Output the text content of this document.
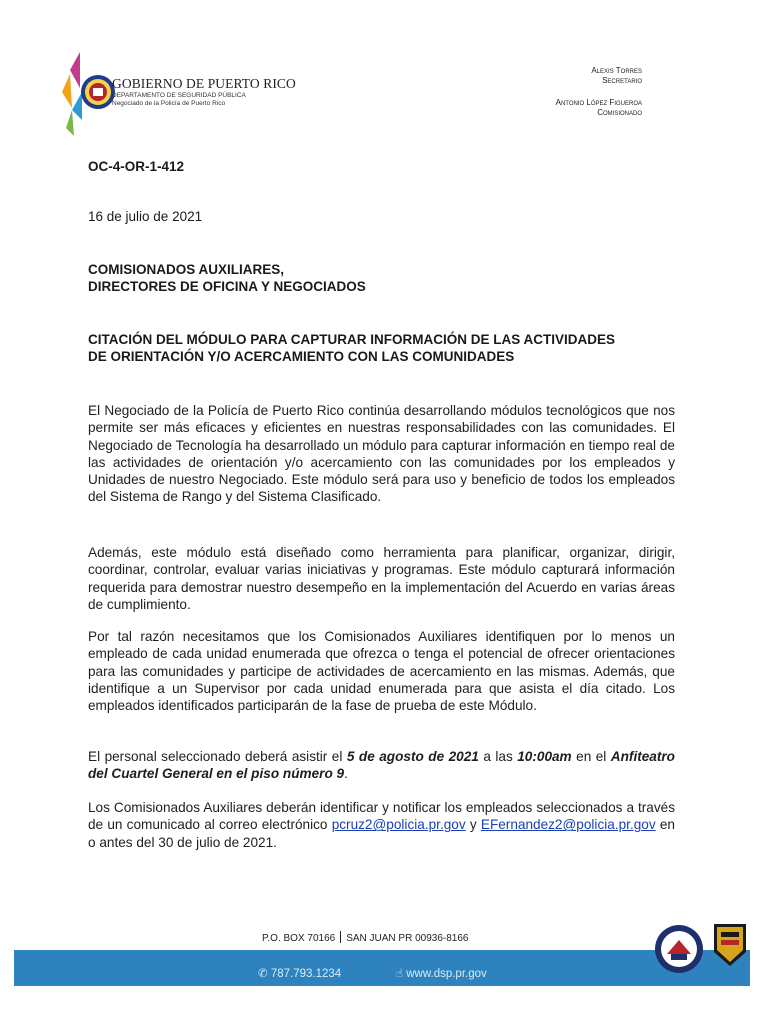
GOBIERNO DE PUERTO RICO
DEPARTAMENTO DE SEGURIDAD PÚBLICA
Negociado de la Policía de Puerto Rico
Alexis Torres
Secretario
Antonio López Figueroa
Comisionado
OC-4-OR-1-412
16 de julio de 2021
COMISIONADOS AUXILIARES,
DIRECTORES DE OFICINA Y NEGOCIADOS
CITACIÓN DEL MÓDULO PARA CAPTURAR INFORMACIÓN DE LAS ACTIVIDADES
DE ORIENTACIÓN Y/O ACERCAMIENTO CON LAS COMUNIDADES
El Negociado de la Policía de Puerto Rico continúa desarrollando módulos tecnológicos que nos permite ser más eficaces y eficientes en nuestras responsabilidades con las comunidades. El Negociado de Tecnología ha desarrollado un módulo para capturar información en tiempo real de las actividades de orientación y/o acercamiento con las comunidades por los empleados y Unidades de nuestro Negociado. Este módulo será para uso y beneficio de todos los empleados del Sistema de Rango y del Sistema Clasificado.
Además, este módulo está diseñado como herramienta para planificar, organizar, dirigir, coordinar, controlar, evaluar varias iniciativas y programas. Este módulo capturará información requerida para demostrar nuestro desempeño en la implementación del Acuerdo en varias áreas de cumplimiento.
Por tal razón necesitamos que los Comisionados Auxiliares identifiquen por lo menos un empleado de cada unidad enumerada que ofrezca o tenga el potencial de ofrecer orientaciones para las comunidades y participe de actividades de acercamiento en las mismas. Además, que identifique a un Supervisor por cada unidad enumerada para que asista el día citado. Los empleados identificados participarán de la fase de prueba de este Módulo.
El personal seleccionado deberá asistir el 5 de agosto de 2021 a las 10:00am en el Anfiteatro del Cuartel General en el piso número 9.
Los Comisionados Auxiliares deberán identificar y notificar los empleados seleccionados a través de un comunicado al correo electrónico pcruz2@policia.pr.gov y EFernandez2@policia.pr.gov en o antes del 30 de julio de 2021.
P.O. BOX 70166 SAN JUAN PR 00936-8166
✆ 787.793.1234	☝ www.dsp.pr.gov
